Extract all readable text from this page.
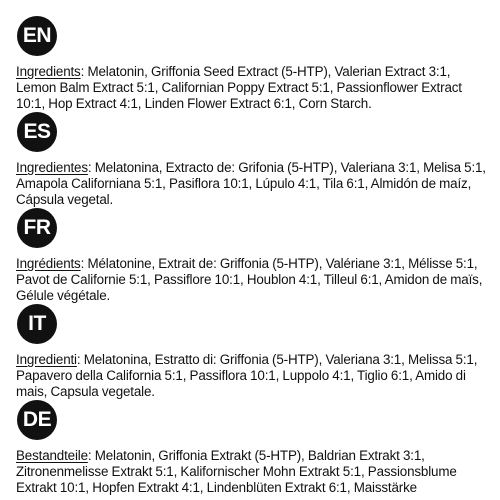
EN
Ingredients: Melatonin, Griffonia Seed Extract (5-HTP), Valerian Extract 3:1, Lemon Balm Extract 5:1, Californian Poppy Extract 5:1, Passionflower Extract 10:1, Hop Extract 4:1, Linden Flower Extract 6:1, Corn Starch.
ES
Ingredientes: Melatonina, Extracto de: Grifonia (5-HTP), Valeriana 3:1, Melisa 5:1, Amapola Californiana 5:1, Pasiflora 10:1, Lúpulo 4:1, Tila 6:1, Almidón de maíz, Cápsula vegetal.
FR
Ingrédients: Mélatonine, Extrait de: Griffonia (5-HTP), Valériane 3:1, Mélisse 5:1, Pavot de Californie 5:1, Passiflore 10:1, Houblon 4:1, Tilleul 6:1, Amidon de maïs, Gélule végétale.
IT
Ingredienti: Melatonina, Estratto di: Griffonia (5-HTP), Valeriana 3:1, Melissa 5:1, Papavero della California 5:1, Passiflora 10:1, Luppolo 4:1, Tiglio 6:1, Amido di mais, Capsula vegetale.
DE
Bestandteile: Melatonin, Griffonia Extrakt (5-HTP), Baldrian Extrakt 3:1, Zitronenmelisse Extrakt 5:1, Kalifornischer Mohn Extrakt 5:1, Passionsblume Extrakt 10:1, Hopfen Extrakt 4:1, Lindenblüten Extrakt 6:1, Maisstärke
